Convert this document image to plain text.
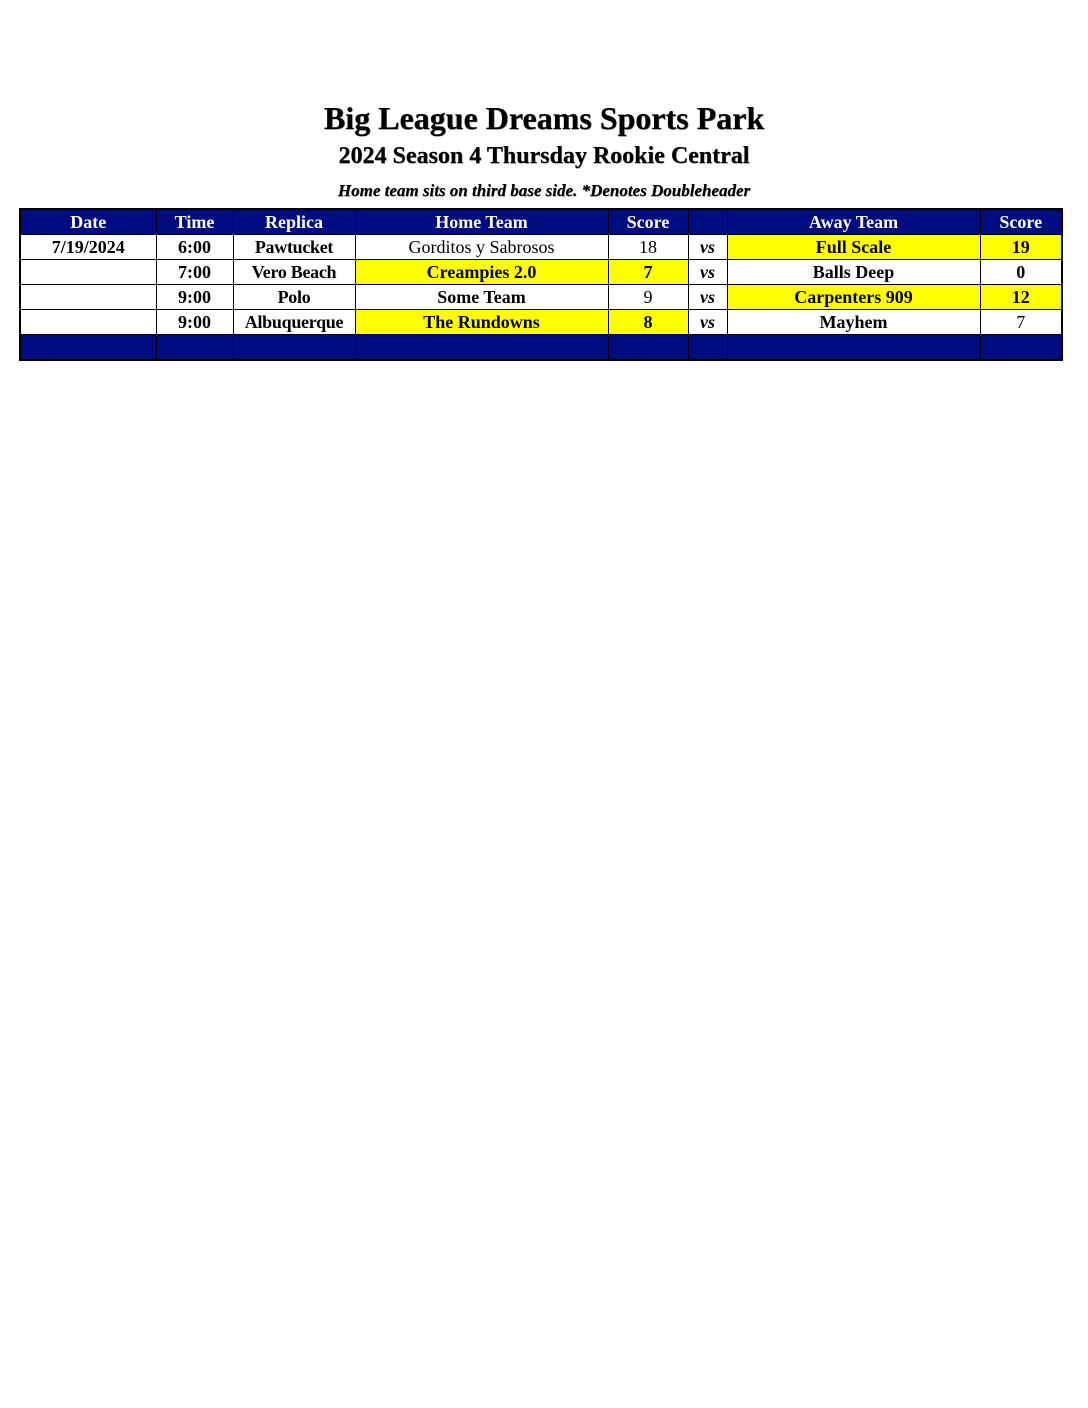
Big League Dreams Sports Park
2024 Season 4 Thursday Rookie Central
Home team sits on third base side. *Denotes Doubleheader
Date	Time	Replica	Home Team	Score		Away Team	Score
7/19/2024	6:00	Pawtucket	Gorditos y Sabrosos	18	vs	Full Scale	19
	7:00	Vero Beach	Creampies 2.0	7	vs	Balls Deep	0
	9:00	Polo	Some Team	9	vs	Carpenters 909	12
	9:00	Albuquerque	The Rundowns	8	vs	Mayhem	7
